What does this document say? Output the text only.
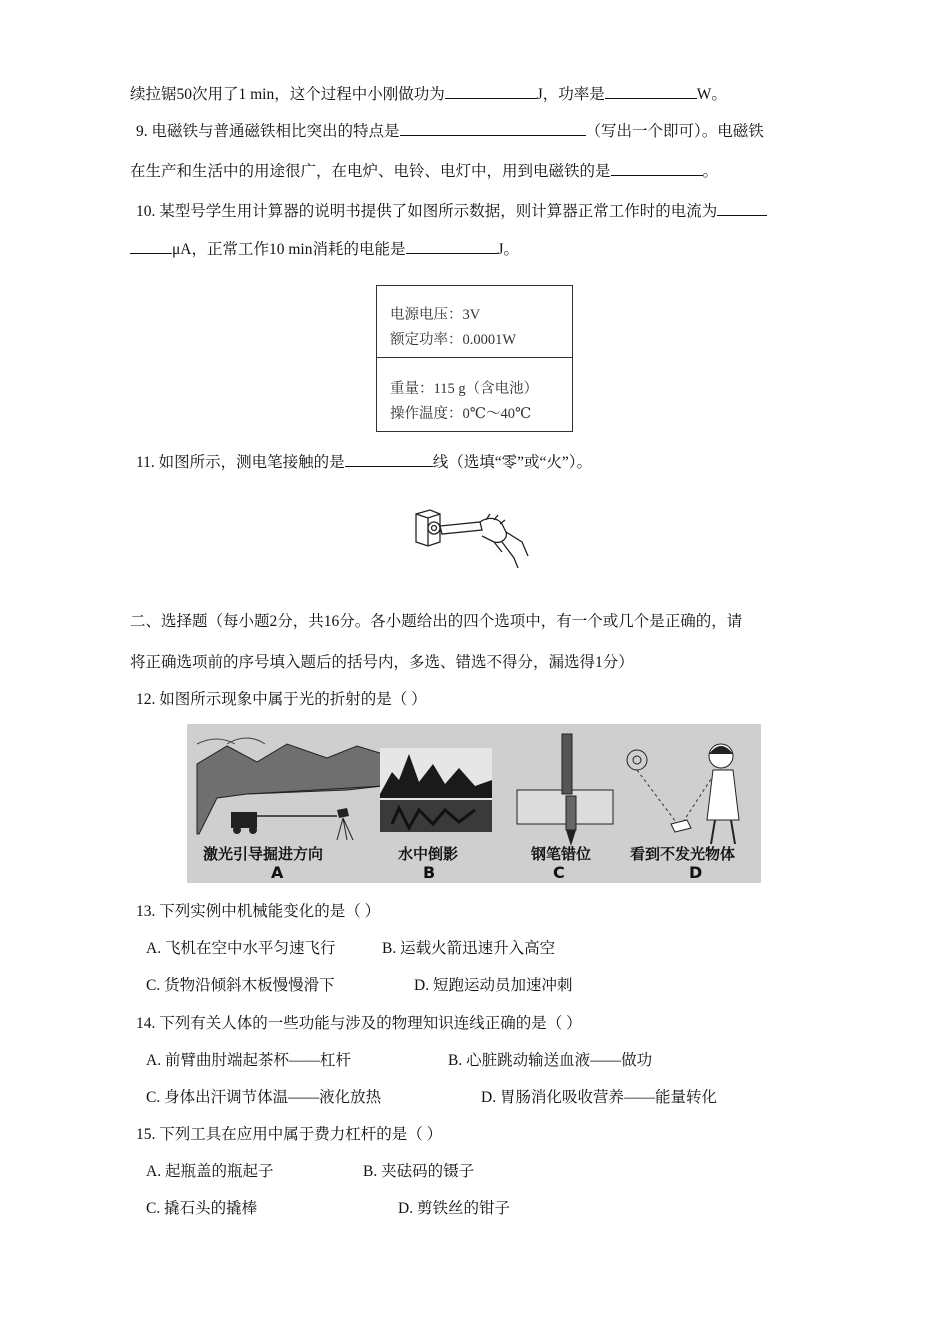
续拉锯50次用了1 min，这个过程中小刚做功为	J，功率是	W。
9. 电磁铁与普通磁铁相比突出的特点是	（写出一个即可）。电磁铁
在生产和生活中的用途很广，在电炉、电铃、电灯中，用到电磁铁的是	。
10. 某型号学生用计算器的说明书提供了如图所示数据，则计算器正常工作时的电流为
μA，正常工作10 min消耗的电能是	J。
电源电压：3V
额定功率：0.0001W
重量：115 g（含电池）
操作温度：0℃～40℃
11. 如图所示，测电笔接触的是	线（选填“零”或“火”）。
二、选择题（每小题2分，共16分。各小题给出的四个选项中，有一个或几个是正确的，请
将正确选项前的序号填入题后的括号内，多选、错选不得分，漏选得1分）
12. 如图所示现象中属于光的折射的是（ ）
激光引导掘进方向	水中倒影	钢笔错位	看到不发光物体
A	B	C	D
13. 下列实例中机械能变化的是（ ）
A. 飞机在空中水平匀速飞行	B. 运载火箭迅速升入高空
C. 货物沿倾斜木板慢慢滑下	D. 短跑运动员加速冲刺
14. 下列有关人体的一些功能与涉及的物理知识连线正确的是（ ）
A. 前臂曲肘端起茶杯——杠杆	B. 心脏跳动输送血液——做功
C. 身体出汗调节体温——液化放热	D. 胃肠消化吸收营养——能量转化
15. 下列工具在应用中属于费力杠杆的是（ ）
A. 起瓶盖的瓶起子	B. 夹砝码的镊子
C. 撬石头的撬棒	D. 剪铁丝的钳子
